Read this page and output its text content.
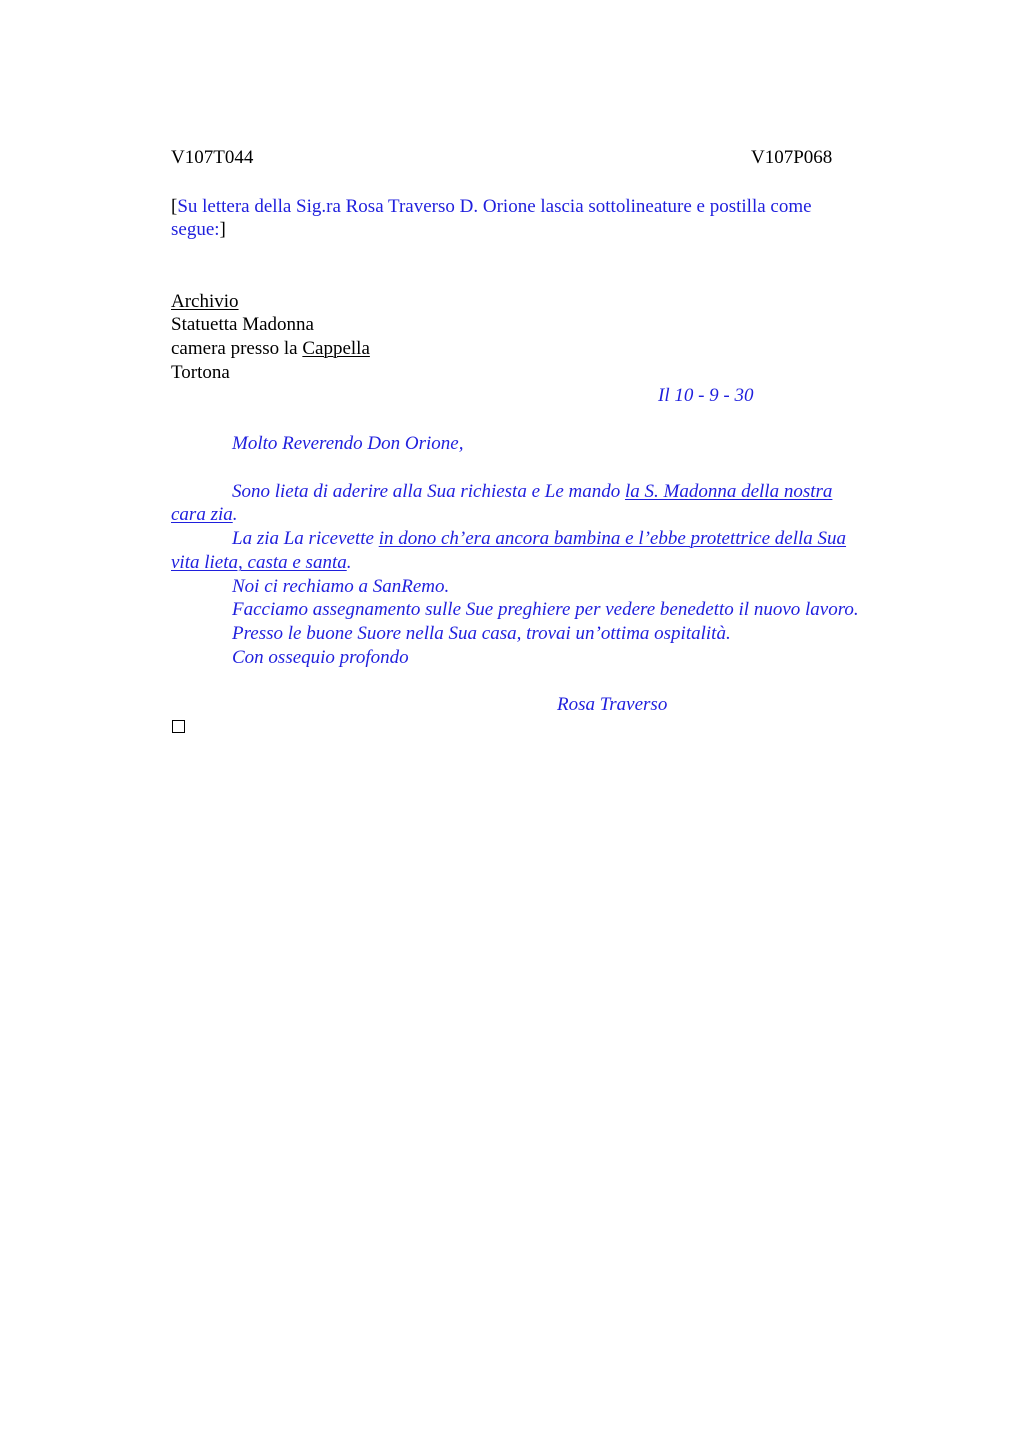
V107T044	V107P068
[Su lettera della Sig.ra Rosa Traverso D. Orione lascia sottolineature e postilla come
segue:]
Archivio
Statuetta Madonna
camera presso la Cappella
Tortona
Il 10 - 9 - 30
Molto Reverendo Don Orione,
Sono lieta di aderire alla Sua richiesta e Le mando la S. Madonna della nostra
cara zia.
La zia La ricevette in dono ch’era ancora bambina e l’ebbe protettrice della Sua
vita lieta, casta e santa.
Noi ci rechiamo a SanRemo.
Facciamo assegnamento sulle Sue preghiere per vedere benedetto il nuovo lavoro.
Presso le buone Suore nella Sua casa, trovai un’ottima ospitalità.
Con ossequio profondo
Rosa Traverso
